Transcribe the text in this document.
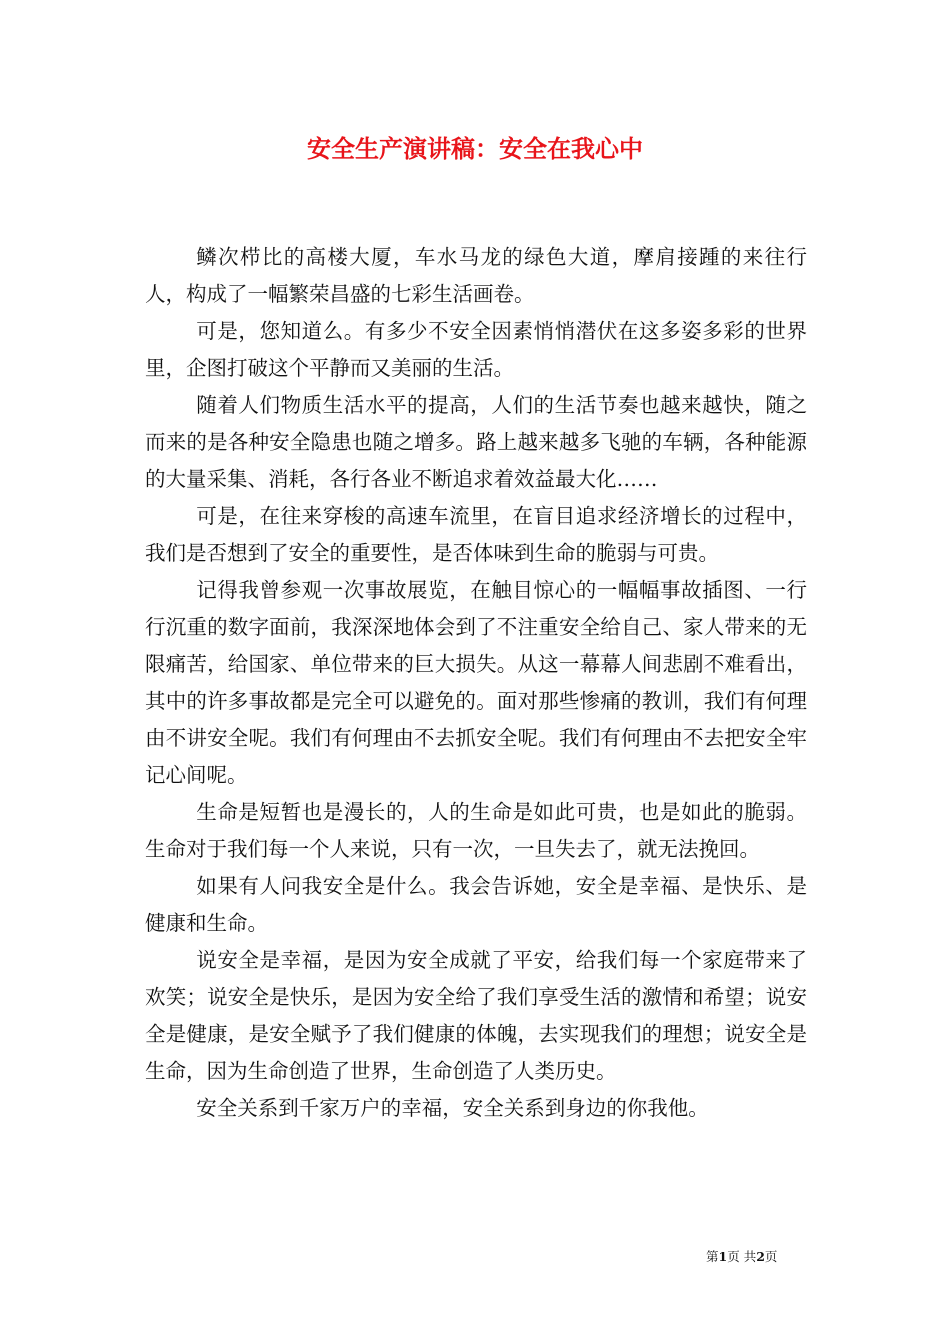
安全生产演讲稿：安全在我心中

鳞次栉比的高楼大厦，车水马龙的绿色大道，摩肩接踵的来往行人，构成了一幅繁荣昌盛的七彩生活画卷。

可是，您知道么。有多少不安全因素悄悄潜伏在这多姿多彩的世界里，企图打破这个平静而又美丽的生活。

随着人们物质生活水平的提高，人们的生活节奏也越来越快，随之而来的是各种安全隐患也随之增多。路上越来越多飞驰的车辆，各种能源的大量采集、消耗，各行各业不断追求着效益最大化……

可是，在往来穿梭的高速车流里，在盲目追求经济增长的过程中，我们是否想到了安全的重要性，是否体味到生命的脆弱与可贵。

记得我曾参观一次事故展览，在触目惊心的一幅幅事故插图、一行行沉重的数字面前，我深深地体会到了不注重安全给自己、家人带来的无限痛苦，给国家、单位带来的巨大损失。从这一幕幕人间悲剧不难看出，其中的许多事故都是完全可以避免的。面对那些惨痛的教训，我们有何理由不讲安全呢。我们有何理由不去抓安全呢。我们有何理由不去把安全牢记心间呢。

生命是短暂也是漫长的，人的生命是如此可贵，也是如此的脆弱。生命对于我们每一个人来说，只有一次，一旦失去了，就无法挽回。

如果有人问我安全是什么。我会告诉她，安全是幸福、是快乐、是健康和生命。

说安全是幸福，是因为安全成就了平安，给我们每一个家庭带来了欢笑；说安全是快乐，是因为安全给了我们享受生活的激情和希望；说安全是健康，是安全赋予了我们健康的体魄，去实现我们的理想；说安全是生命，因为生命创造了世界，生命创造了人类历史。

安全关系到千家万户的幸福，安全关系到身边的你我他。

第1页 共2页
